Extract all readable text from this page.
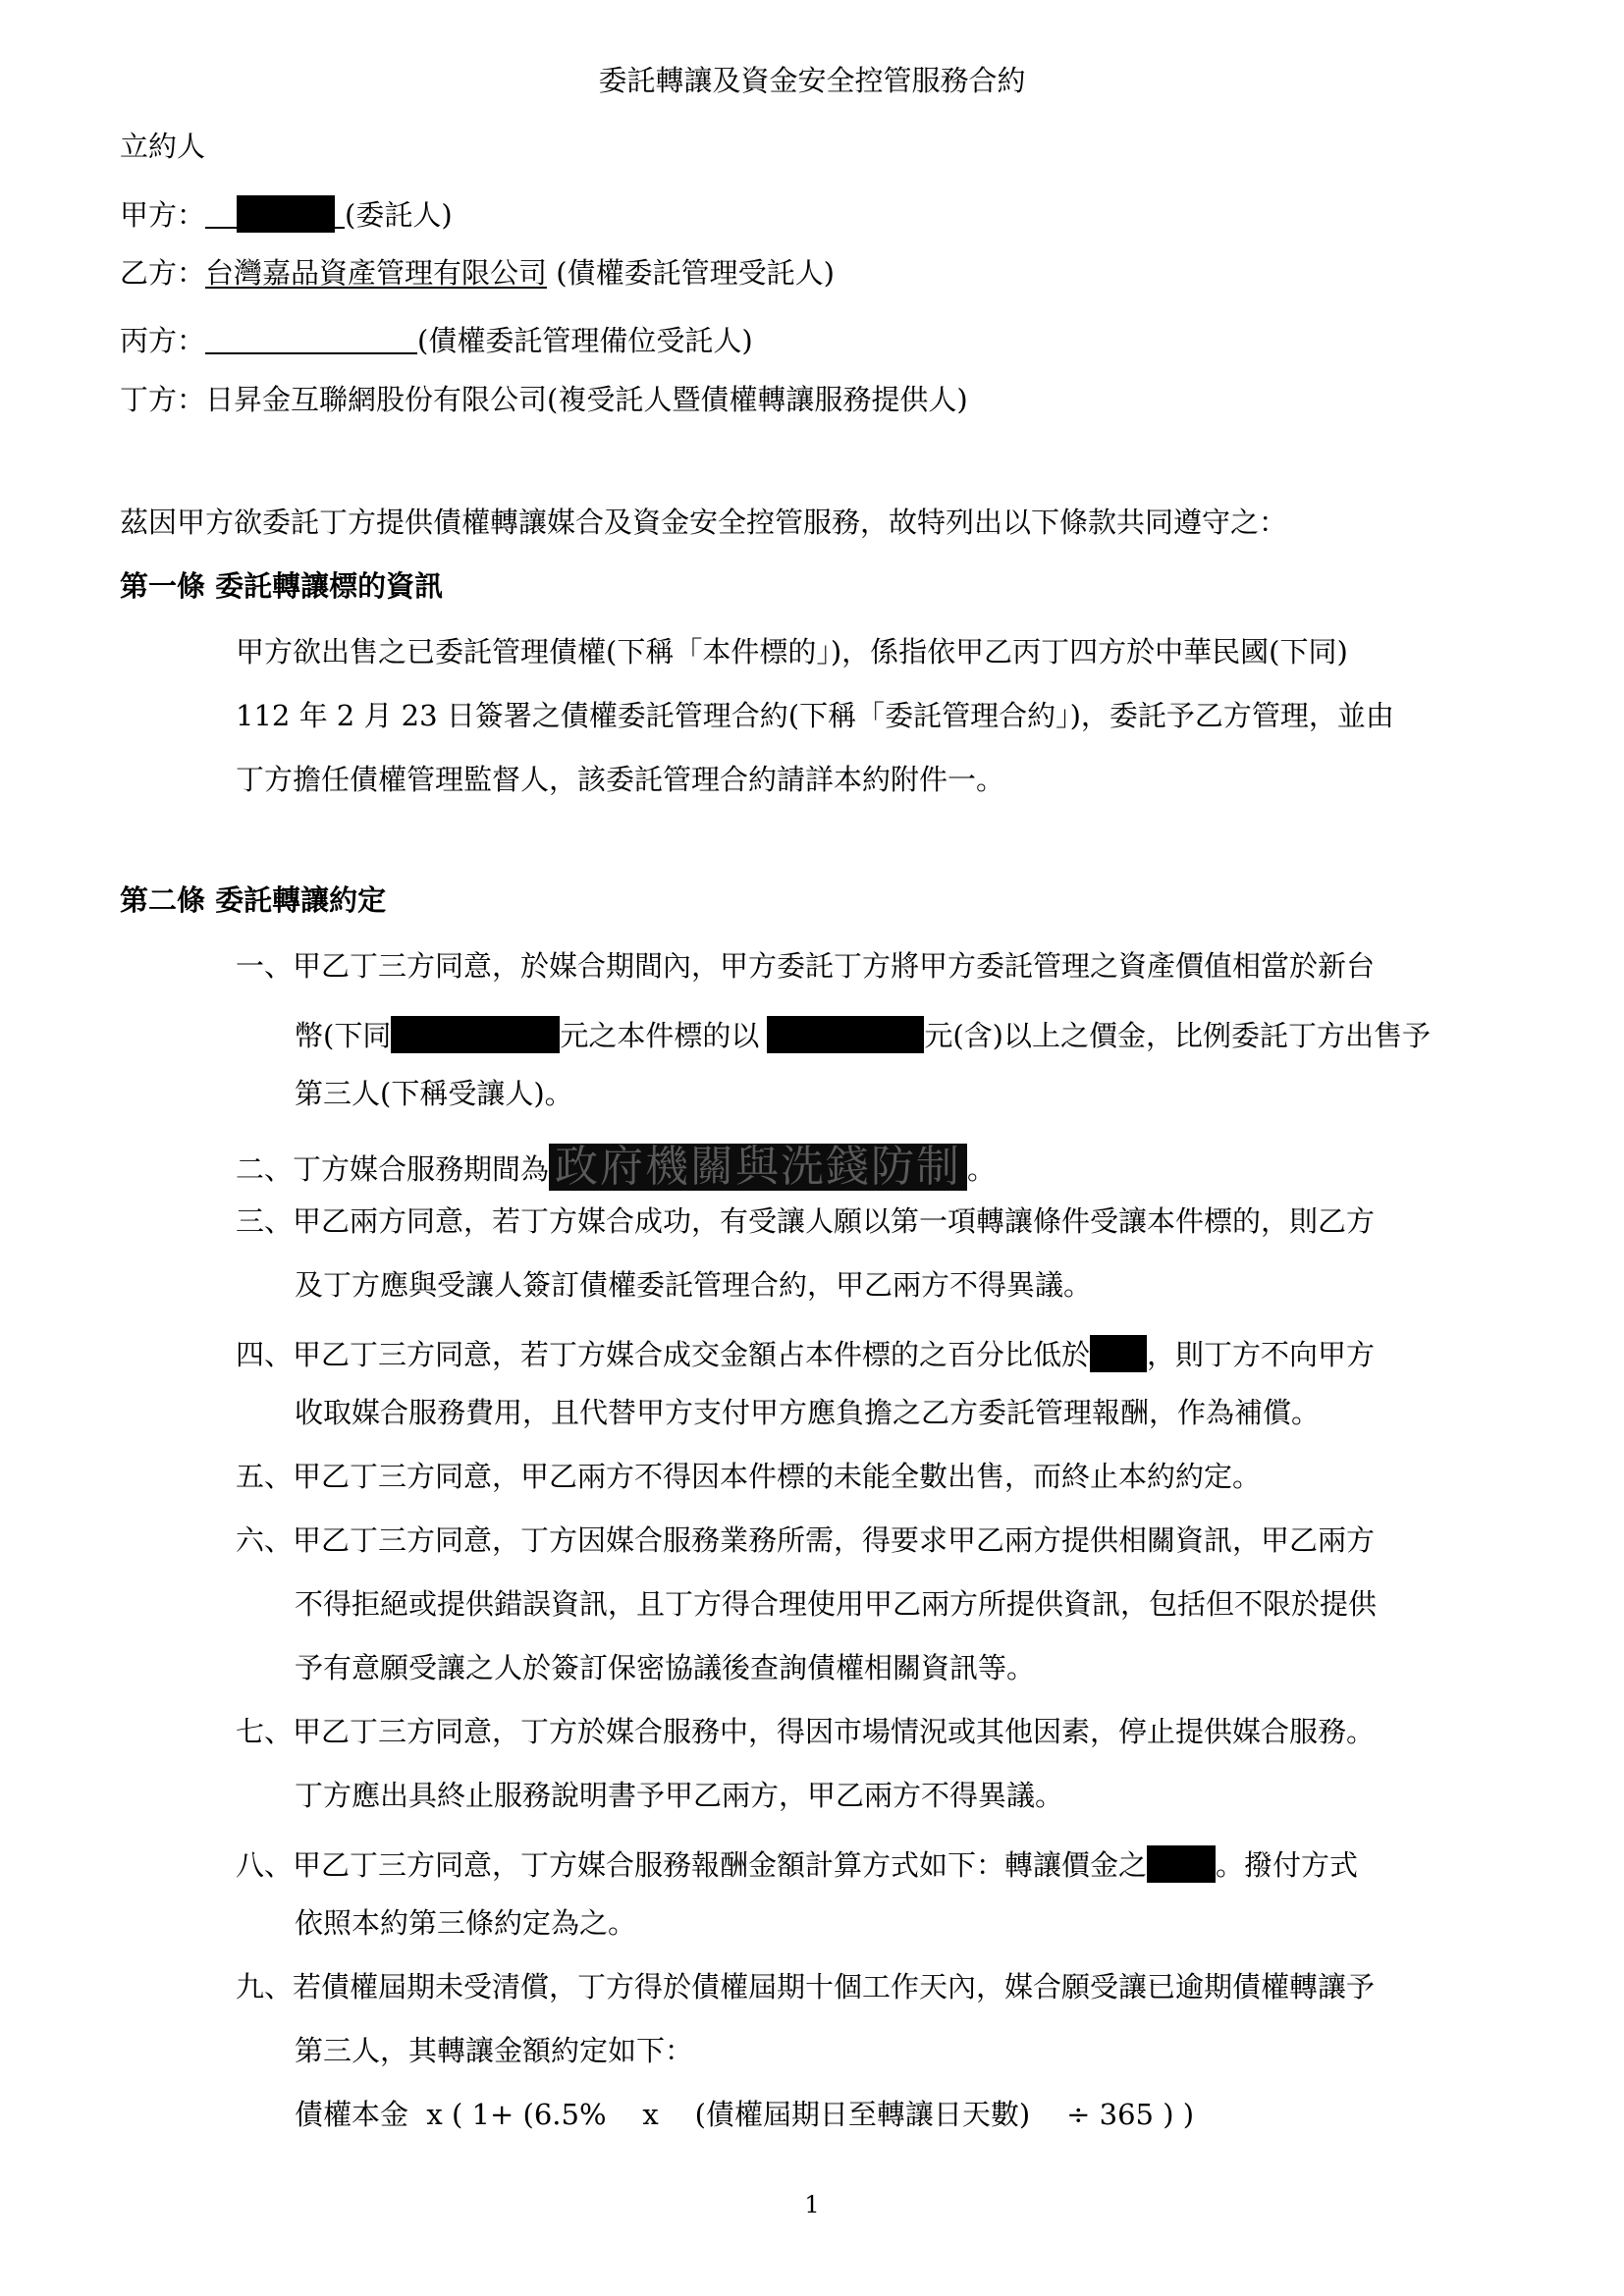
委託轉讓及資金安全控管服務合約
立約人
甲方：	(委託人)
乙方：台灣嘉品資產管理有限公司 (債權委託管理受託人)
丙方：	(債權委託管理備位受託人)
丁方：日昇金互聯網股份有限公司(複受託人暨債權轉讓服務提供人)
茲因甲方欲委託丁方提供債權轉讓媒合及資金安全控管服務，故特列出以下條款共同遵守之：
第一條 委託轉讓標的資訊
甲方欲出售之已委託管理債權(下稱「本件標的」)，係指依甲乙丙丁四方於中華民國(下同)
112 年 2 月 23 日簽署之債權委託管理合約(下稱「委託管理合約」)，委託予乙方管理，並由
丁方擔任債權管理監督人，該委託管理合約請詳本約附件一。
第二條 委託轉讓約定
一、甲乙丁三方同意，於媒合期間內，甲方委託丁方將甲方委託管理之資產價值相當於新台
幣(下同	元之本件標的以	元(含)以上之價金，比例委託丁方出售予
第三人(下稱受讓人)。
二、丁方媒合服務期間為 政府機關與洗錢防制 。
三、甲乙兩方同意，若丁方媒合成功，有受讓人願以第一項轉讓條件受讓本件標的，則乙方
及丁方應與受讓人簽訂債權委託管理合約，甲乙兩方不得異議。
四、甲乙丁三方同意，若丁方媒合成交金額占本件標的之百分比低於 ，則丁方不向甲方
收取媒合服務費用，且代替甲方支付甲方應負擔之乙方委託管理報酬，作為補償。
五、甲乙丁三方同意，甲乙兩方不得因本件標的未能全數出售，而終止本約約定。
六、甲乙丁三方同意，丁方因媒合服務業務所需，得要求甲乙兩方提供相關資訊，甲乙兩方
不得拒絕或提供錯誤資訊，且丁方得合理使用甲乙兩方所提供資訊，包括但不限於提供
予有意願受讓之人於簽訂保密協議後查詢債權相關資訊等。
七、甲乙丁三方同意，丁方於媒合服務中，得因市場情況或其他因素，停止提供媒合服務。
丁方應出具終止服務說明書予甲乙兩方，甲乙兩方不得異議。
八、甲乙丁三方同意，丁方媒合服務報酬金額計算方式如下：轉讓價金之 。撥付方式
依照本約第三條約定為之。
九、若債權屆期未受清償，丁方得於債權屆期十個工作天內，媒合願受讓已逾期債權轉讓予
第三人，其轉讓金額約定如下：
債權本金  x ( 1+ (6.5%    x    (債權屆期日至轉讓日天數)    ÷ 365 ) )
1
